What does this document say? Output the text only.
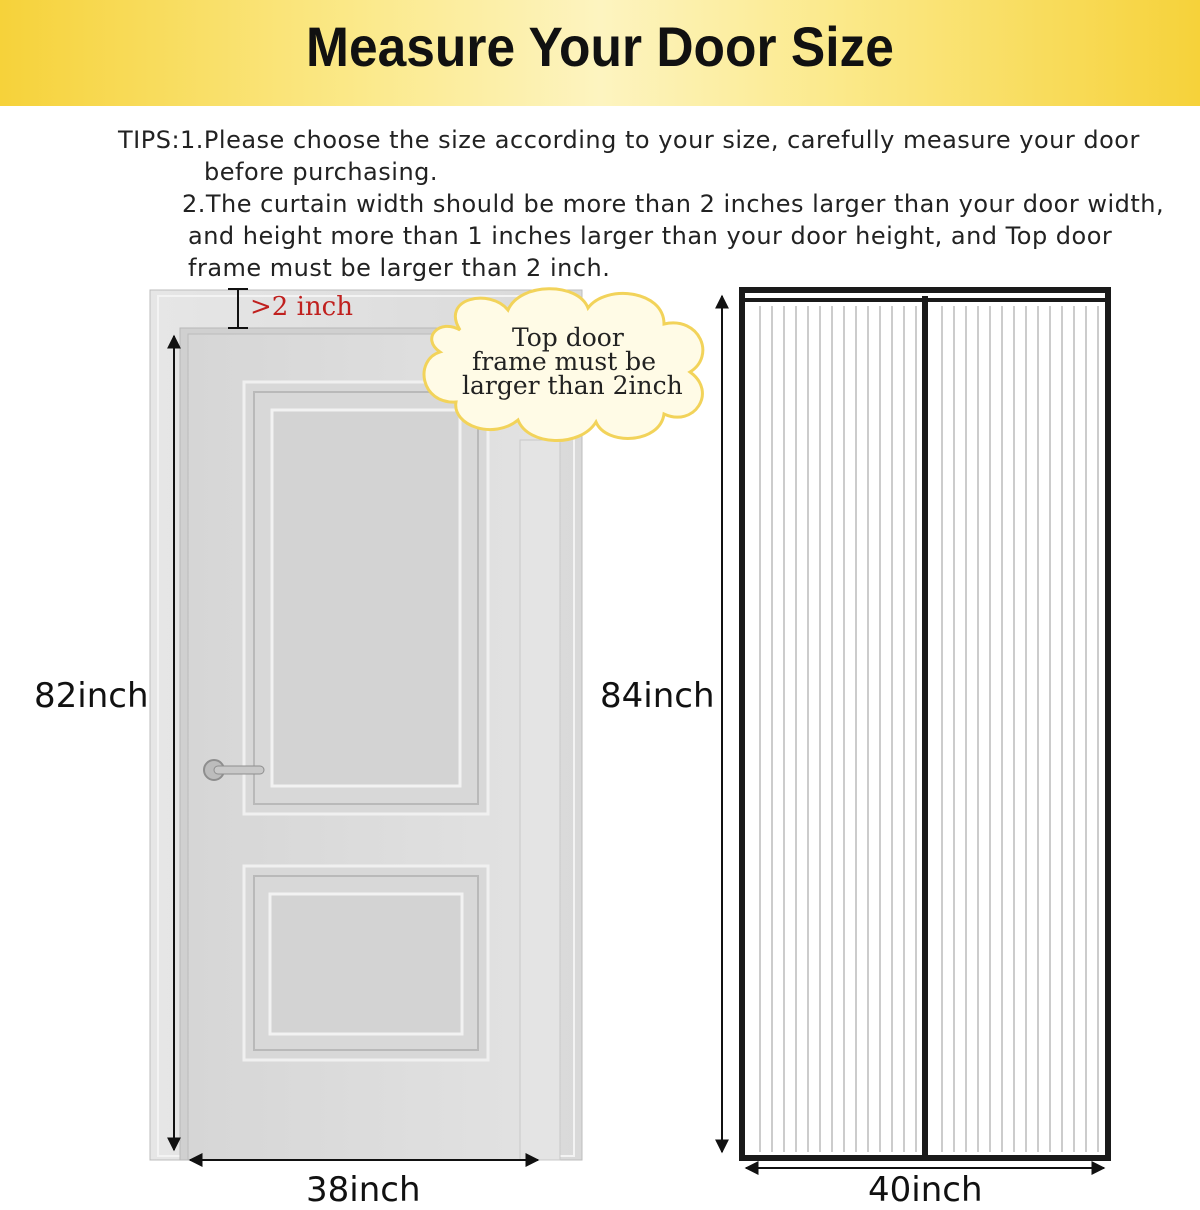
Measure Your Door Size
TIPS:1.Please choose the size according to your size, carefully measure your door
before purchasing.
2.The curtain width should be more than 2 inches larger than your door width,
and height more than 1 inches larger than your door height, and Top door
frame must be larger than 2 inch.
>2 inch
Top door
frame must be
larger than 2inch
82inch	84inch
38inch	40inch
